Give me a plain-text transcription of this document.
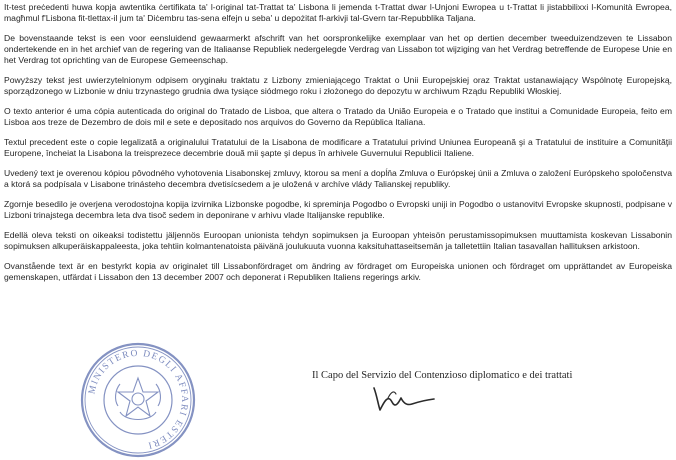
It-test preċedenti huwa kopja awtentika ċertifikata ta' l-original tat-Trattat ta' Lisbona li jemenda t-Trattat dwar l-Unjoni Ewropea u t-Trattat li jistabbilixxi l-Komunità Ewropea, magħmul f'Lisbona fit-tlettax-il jum ta' Diċembru tas-sena elfejn u seba' u depożitat fl-arkivji tal-Gvern tar-Repubblika Taljana.

De bovenstaande tekst is een voor eensluidend gewaarmerkt afschrift van het oorspronkelijke exemplaar van het op dertien december tweeduizendzeven te Lissabon ondertekende en in het archief van de regering van de Italiaanse Republiek nedergelegde Verdrag van Lissabon tot wijziging van het Verdrag betreffende de Europese Unie en het Verdrag tot oprichting van de Europese Gemeenschap.

Powyższy tekst jest uwierzytelnionym odpisem oryginału traktatu z Lizbony zmieniającego Traktat o Unii Europejskiej oraz Traktat ustanawiający Wspólnotę Europejską, sporządzonego w Lizbonie w dniu trzynastego grudnia dwa tysiące siódmego roku i złożonego do depozytu w archiwum Rządu Republiki Włoskiej.

O texto anterior é uma cópia autenticada do original do Tratado de Lisboa, que altera o Tratado da União Europeia e o Tratado que institui a Comunidade Europeia, feito em Lisboa aos treze de Dezembro de dois mil e sete e depositado nos arquivos do Governo da República Italiana.

Textul precedent este o copie legalizată a originalului Tratatului de la Lisabona de modificare a Tratatului privind Uniunea Europeană şi a Tratatului de instituire a Comunităţii Europene, încheiat la Lisabona la treisprezece decembrie două mii şapte şi depus în arhivele Guvernului Republicii Italiene.

Uvedený text je overenou kópiou pôvodného vyhotovenia Lisabonskej zmluvy, ktorou sa mení a dopĺňa Zmluva o Európskej únii a Zmluva o založení Európskeho spoločenstva a ktorá sa podpísala v Lisabone trinásteho decembra dvetisícsedem a je uložená v archíve vlády Talianskej republiky.

Zgornje besedilo je overjena verodostojna kopija izvirnika Lizbonske pogodbe, ki spreminja Pogodbo o Evropski uniji in Pogodbo o ustanovitvi Evropske skupnosti, podpisane v Lizboni trinajstega decembra leta dva tisoč sedem in deponirane v arhivu vlade Italijanske republike.

Edellä oleva teksti on oikeaksi todistettu jäljennös Euroopan unionista tehdyn sopimuksen ja Euroopan yhteisön perustamissopimuksen muuttamista koskevan Lissabonin sopimuksen alkuperäiskappaleesta, joka tehtiin kolmantenatoista päivänä joulukuuta vuonna kaksituhattaseitsemän ja talletettiin Italian tasavallan hallituksen arkistoon.

Ovanstående text är en bestyrkt kopia av originalet till Lissabonfördraget om ändring av fördraget om Europeiska unionen och fördraget om upprättandet av Europeiska gemenskapen, utfärdat i Lissabon den 13 december 2007 och deponerat i Republiken Italiens regerings arkiv.

Il Capo del Servizio del Contenzioso diplomatico e dei trattati
MINISTERO DEGLI AFFARI ESTERI
